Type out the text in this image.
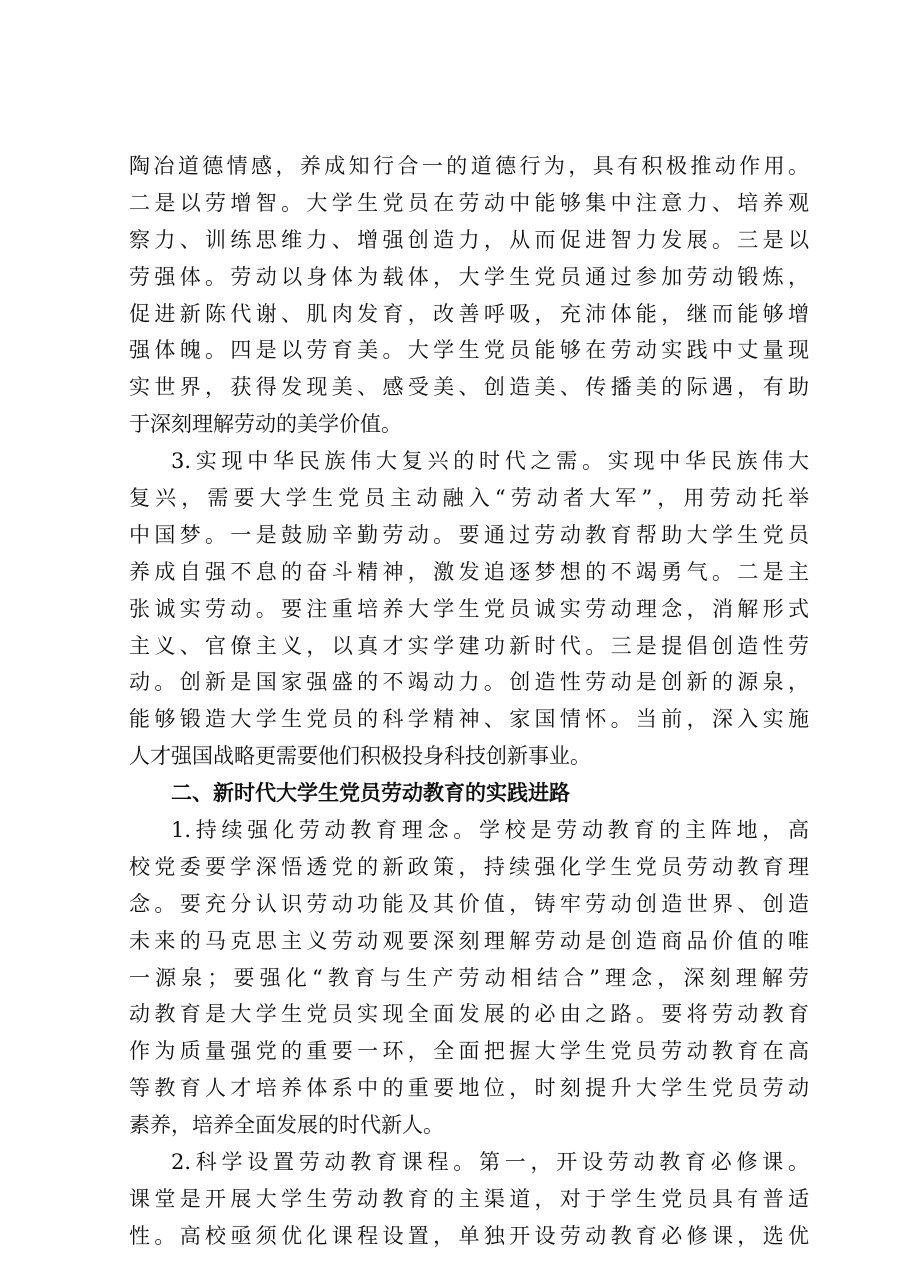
陶冶道德情感，养成知行合一的道德行为，具有积极推动作用。
二是以劳增智。大学生党员在劳动中能够集中注意力、培养观
察力、训练思维力、增强创造力，从而促进智力发展。三是以
劳强体。劳动以身体为载体，大学生党员通过参加劳动锻炼，
促进新陈代谢、肌肉发育，改善呼吸，充沛体能，继而能够增
强体魄。四是以劳育美。大学生党员能够在劳动实践中丈量现
实世界，获得发现美、感受美、创造美、传播美的际遇，有助
于深刻理解劳动的美学价值。
3.实现中华民族伟大复兴的时代之需。实现中华民族伟大
复兴，需要大学生党员主动融入“劳动者大军”，用劳动托举
中国梦。一是鼓励辛勤劳动。要通过劳动教育帮助大学生党员
养成自强不息的奋斗精神，激发追逐梦想的不竭勇气。二是主
张诚实劳动。要注重培养大学生党员诚实劳动理念，消解形式
主义、官僚主义，以真才实学建功新时代。三是提倡创造性劳
动。创新是国家强盛的不竭动力。创造性劳动是创新的源泉，
能够锻造大学生党员的科学精神、家国情怀。当前，深入实施
人才强国战略更需要他们积极投身科技创新事业。
二、新时代大学生党员劳动教育的实践进路
1.持续强化劳动教育理念。学校是劳动教育的主阵地，高
校党委要学深悟透党的新政策，持续强化学生党员劳动教育理
念。要充分认识劳动功能及其价值，铸牢劳动创造世界、创造
未来的马克思主义劳动观要深刻理解劳动是创造商品价值的唯
一源泉；要强化“教育与生产劳动相结合”理念，深刻理解劳
动教育是大学生党员实现全面发展的必由之路。要将劳动教育
作为质量强党的重要一环，全面把握大学生党员劳动教育在高
等教育人才培养体系中的重要地位，时刻提升大学生党员劳动
素养，培养全面发展的时代新人。
2.科学设置劳动教育课程。第一，开设劳动教育必修课。
课堂是开展大学生劳动教育的主渠道，对于学生党员具有普适
性。高校亟须优化课程设置，单独开设劳动教育必修课，选优
